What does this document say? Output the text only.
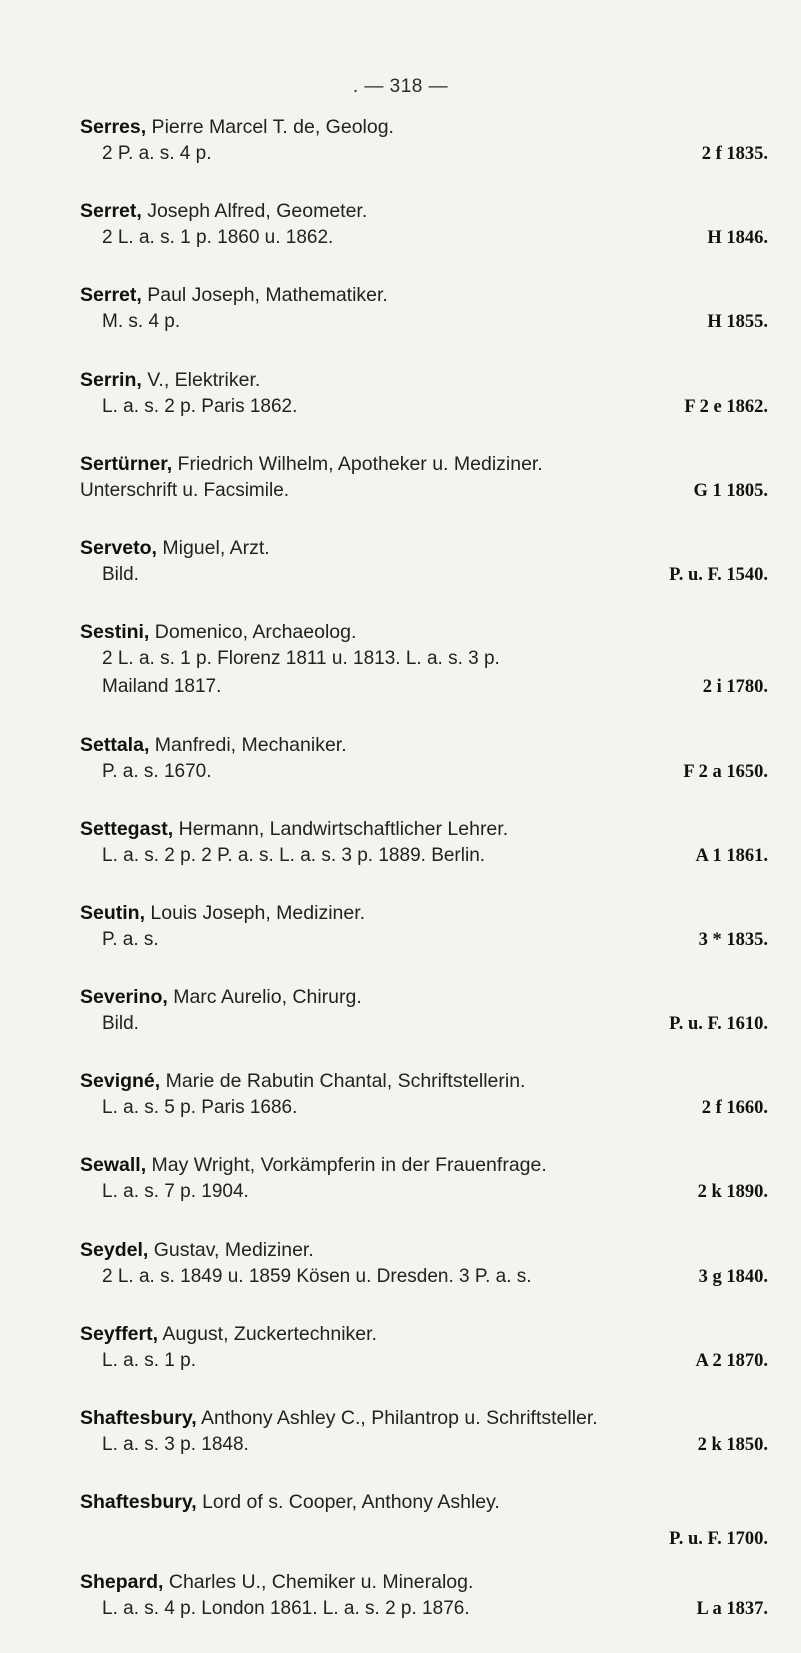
. — 318 —
Serres, Pierre Marcel T. de, Geolog.
2 P. a. s. 4 p.	2 f 1835.
Serret, Joseph Alfred, Geometer.
2 L. a. s. 1 p. 1860 u. 1862.	H 1846.
Serret, Paul Joseph, Mathematiker.
M. s. 4 p.	H 1855.
Serrin, V., Elektriker.
L. a. s. 2 p. Paris 1862.	F 2 e 1862.
Sertürner, Friedrich Wilhelm, Apotheker u. Mediziner.
Unterschrift u. Facsimile.	G 1 1805.
Serveto, Miguel, Arzt.
Bild.	P. u. F. 1540.
Sestini, Domenico, Archaeolog.
2 L. a. s. 1 p. Florenz 1811 u. 1813. L. a. s. 3 p.
Mailand 1817.	2 i 1780.
Settala, Manfredi, Mechaniker.
P. a. s. 1670.	F 2 a 1650.
Settegast, Hermann, Landwirtschaftlicher Lehrer.
L. a. s. 2 p. 2 P. a. s. L. a. s. 3 p. 1889. Berlin.	A 1 1861.
Seutin, Louis Joseph, Mediziner.
P. a. s.	3 * 1835.
Severino, Marc Aurelio, Chirurg.
Bild.	P. u. F. 1610.
Sevigné, Marie de Rabutin Chantal, Schriftstellerin.
L. a. s. 5 p. Paris 1686.	2 f 1660.
Sewall, May Wright, Vorkämpferin in der Frauenfrage.
L. a. s. 7 p. 1904.	2 k 1890.
Seydel, Gustav, Mediziner.
2 L. a. s. 1849 u. 1859 Kösen u. Dresden. 3 P. a. s.	3 g 1840.
Seyffert, August, Zuckertechniker.
L. a. s. 1 p.	A 2 1870.
Shaftesbury, Anthony Ashley C., Philantrop u. Schriftsteller.
L. a. s. 3 p. 1848.	2 k 1850.
Shaftesbury, Lord of s. Cooper, Anthony Ashley.
P. u. F. 1700.
Shepard, Charles U., Chemiker u. Mineralog.
L. a. s. 4 p. London 1861. L. a. s. 2 p. 1876.	L a 1837.
